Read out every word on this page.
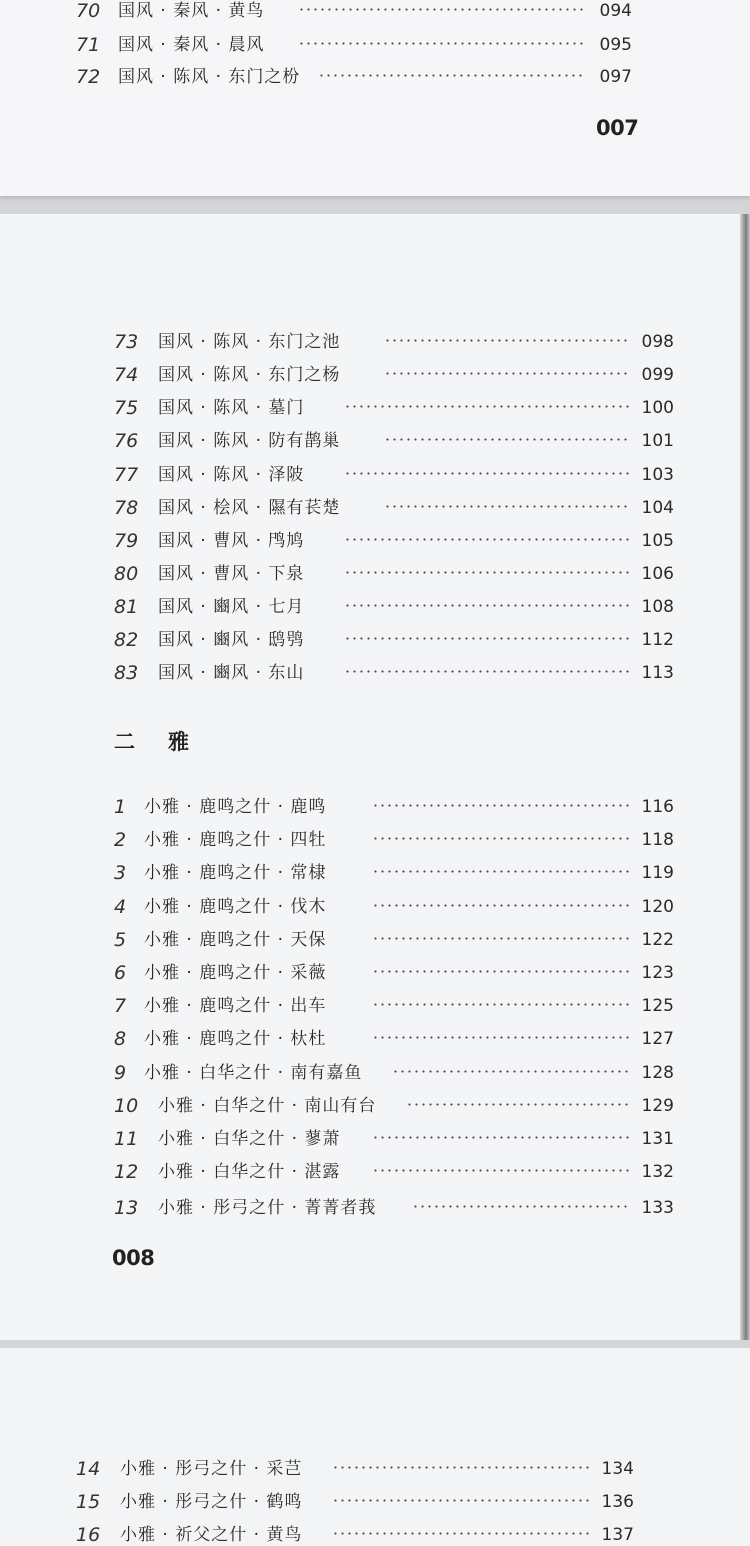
70 国风 · 秦风 · 黄鸟	094
71 国风 · 秦风 · 晨风	095
72 国风 · 陈风 · 东门之枌	097
007
73 国风 · 陈风 · 东门之池	098
74 国风 · 陈风 · 东门之杨	099
75 国风 · 陈风 · 墓门	100
76 国风 · 陈风 · 防有鹊巢	101
77 国风 · 陈风 · 泽陂	103
78 国风 · 桧风 · 隰有苌楚	104
79 国风 · 曹风 · 鸤鸠	105
80 国风 · 曹风 · 下泉	106
81 国风 · 豳风 · 七月	108
82 国风 · 豳风 · 鸱鸮	112
83 国风 · 豳风 · 东山	113
二　雅
1 小雅 · 鹿鸣之什 · 鹿鸣	116
2 小雅 · 鹿鸣之什 · 四牡	118
3 小雅 · 鹿鸣之什 · 常棣	119
4 小雅 · 鹿鸣之什 · 伐木	120
5 小雅 · 鹿鸣之什 · 天保	122
6 小雅 · 鹿鸣之什 · 采薇	123
7 小雅 · 鹿鸣之什 · 出车	125
8 小雅 · 鹿鸣之什 · 杕杜	127
9 小雅 · 白华之什 · 南有嘉鱼	128
10 小雅 · 白华之什 · 南山有台	129
11 小雅 · 白华之什 · 蓼萧	131
12 小雅 · 白华之什 · 湛露	132
13 小雅 · 彤弓之什 · 菁菁者莪	133
008
14 小雅 · 彤弓之什 · 采芑	134
15 小雅 · 彤弓之什 · 鹤鸣	136
16 小雅 · 祈父之什 · 黄鸟	137
